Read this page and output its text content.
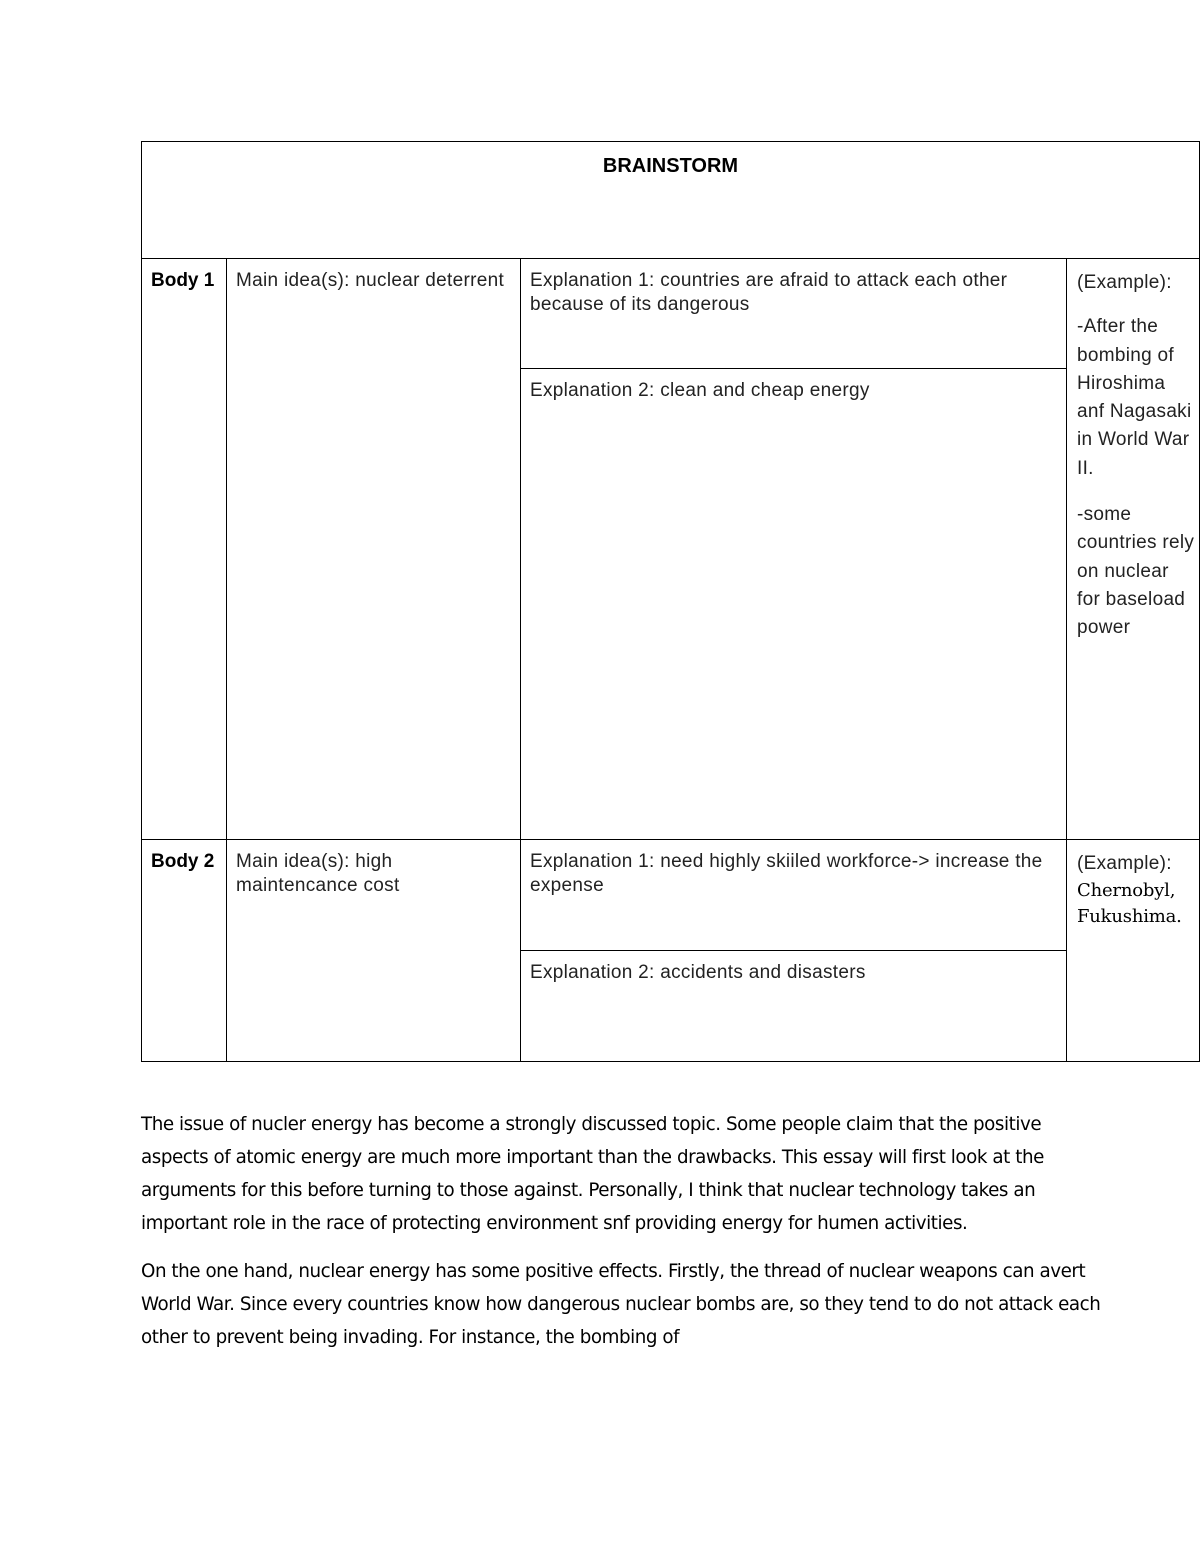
BRAINSTORM			
Body 1	Main idea(s): nuclear deterrent	Explanation 1: countries are afraid to attack each other because of its dangerous	(Example):

-After the bombing of Hiroshima anf Nagasaki in World War II.

-some countries rely on nuclear for baseload power

		Explanation 2: clean and cheap energy	
Body 2	Main idea(s): high maintencance cost	Explanation 1: need highly skiiled workforce-> increase the expense	(Example):
Chernobyl, Fukushima.

		Explanation 2: accidents and disasters	

The issue of nucler energy has become a strongly discussed topic. Some people claim that the positive aspects of atomic energy are much more important than the drawbacks. This essay will first look at the arguments for this before turning to those against. Personally, I think that nuclear technology takes an important role in the race of protecting environment snf providing energy for humen activities.

On the one hand, nuclear energy has some positive effects. Firstly, the thread of nuclear weapons can avert World War. Since every countries know how dangerous nuclear bombs are, so they tend to do not attack each other to prevent being invading. For instance, the bombing of
